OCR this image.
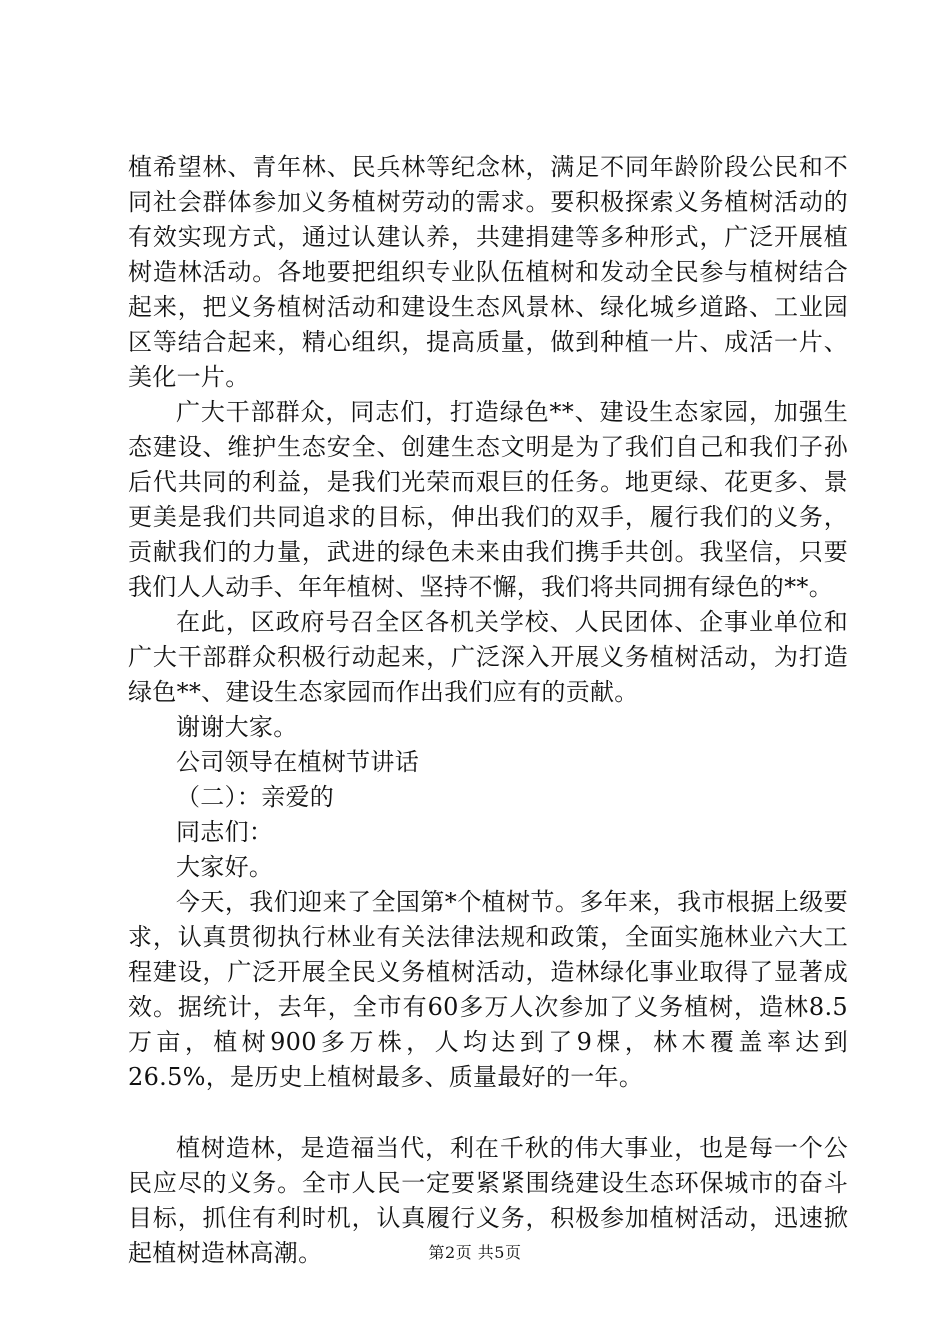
植希望林、青年林、民兵林等纪念林，满足不同年龄阶段公民和不同社会群体参加义务植树劳动的需求。要积极探索义务植树活动的有效实现方式，通过认建认养，共建捐建等多种形式，广泛开展植树造林活动。各地要把组织专业队伍植树和发动全民参与植树结合起来，把义务植树活动和建设生态风景林、绿化城乡道路、工业园区等结合起来，精心组织，提高质量，做到种植一片、成活一片、美化一片。

广大干部群众，同志们，打造绿色**、建设生态家园，加强生态建设、维护生态安全、创建生态文明是为了我们自己和我们子孙后代共同的利益，是我们光荣而艰巨的任务。地更绿、花更多、景更美是我们共同追求的目标，伸出我们的双手，履行我们的义务，贡献我们的力量，武进的绿色未来由我们携手共创。我坚信，只要我们人人动手、年年植树、坚持不懈，我们将共同拥有绿色的**。

在此，区政府号召全区各机关学校、人民团体、企事业单位和广大干部群众积极行动起来，广泛深入开展义务植树活动，为打造绿色**、建设生态家园而作出我们应有的贡献。

谢谢大家。

公司领导在植树节讲话

（二）：亲爱的

同志们：

大家好。

今天，我们迎来了全国第*个植树节。多年来，我市根据上级要求，认真贯彻执行林业有关法律法规和政策，全面实施林业六大工程建设，广泛开展全民义务植树活动，造林绿化事业取得了显著成效。据统计，去年，全市有60多万人次参加了义务植树，造林8.5万亩，植树900多万株，人均达到了9棵，林木覆盖率达到26.5%，是历史上植树最多、质量最好的一年。

植树造林，是造福当代，利在千秋的伟大事业，也是每一个公民应尽的义务。全市人民一定要紧紧围绕建设生态环保城市的奋斗目标，抓住有利时机，认真履行义务，积极参加植树活动，迅速掀起植树造林高潮。	第2页 共5页
